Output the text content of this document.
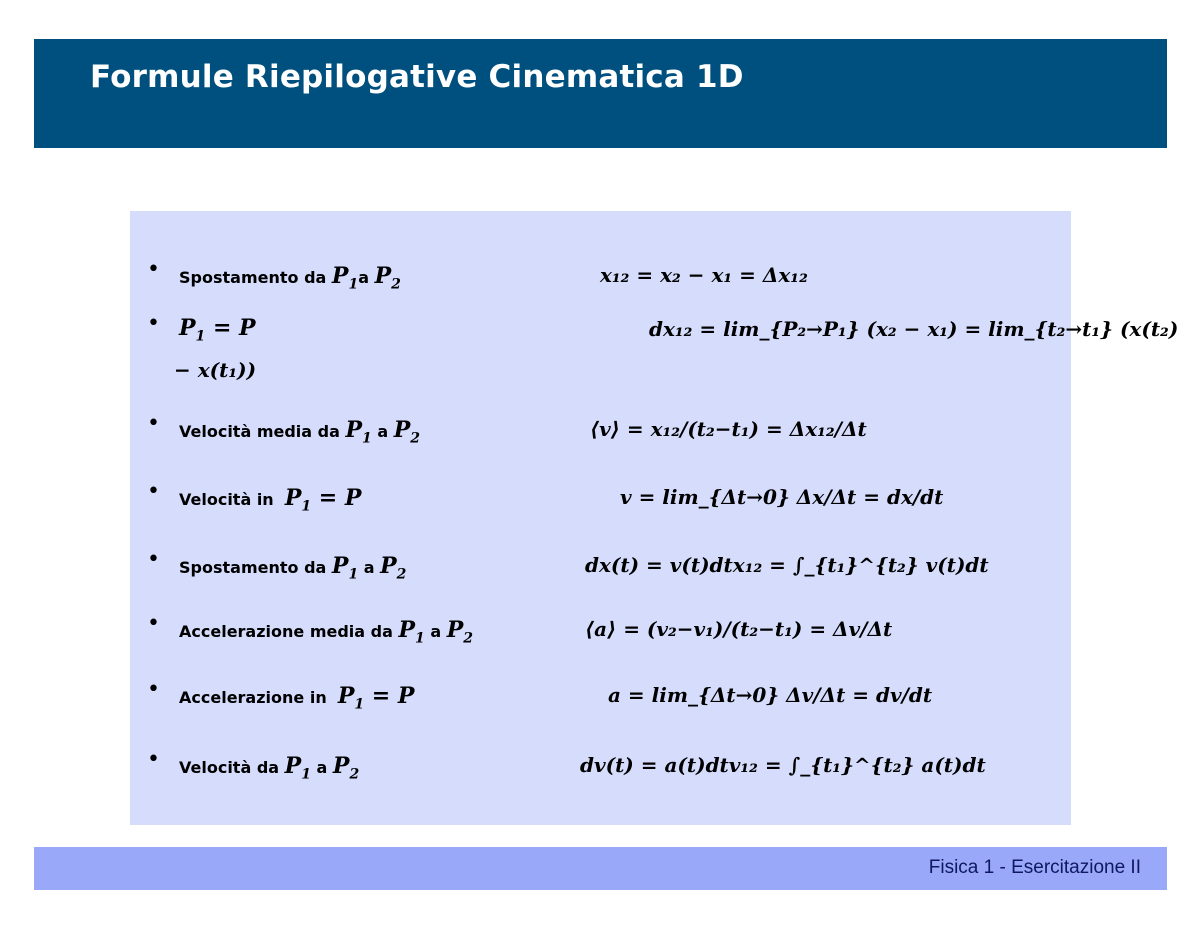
Formule Riepilogative Cinematica 1D
• Spostamento da $P_1a$ $P_2$	x₁₂ = x₂ − x₁ = Δx₁₂
• $P_1 = P$	dx₁₂ = lim_{P₂→P₁} (x₂ − x₁) = lim_{t₂→t₁} (x(t₂)
− x(t₁))
• Velocità media da $P_1$ a $P_2$	⟨v⟩ = x₁₂/(t₂−t₁) = Δx₁₂/Δt
• Velocità in $P_1 = P$	v = lim_{Δt→0} Δx/Δt = dx/dt
• Spostamento da $P_1$ a $P_2$	dx(t) = v(t)dtx₁₂ = ∫_{t₁}^{t₂} v(t)dt
• Accelerazione media da $P_1$ a $P_2$	⟨a⟩ = (v₂−v₁)/(t₂−t₁) = Δv/Δt
• Accelerazione in $P_1 = P$	a = lim_{Δt→0} Δv/Δt = dv/dt
• Velocità da $P_1$ a $P_2$	dv(t) = a(t)dtv₁₂ = ∫_{t₁}^{t₂} a(t)dt
Fisica 1 - Esercitazione II
